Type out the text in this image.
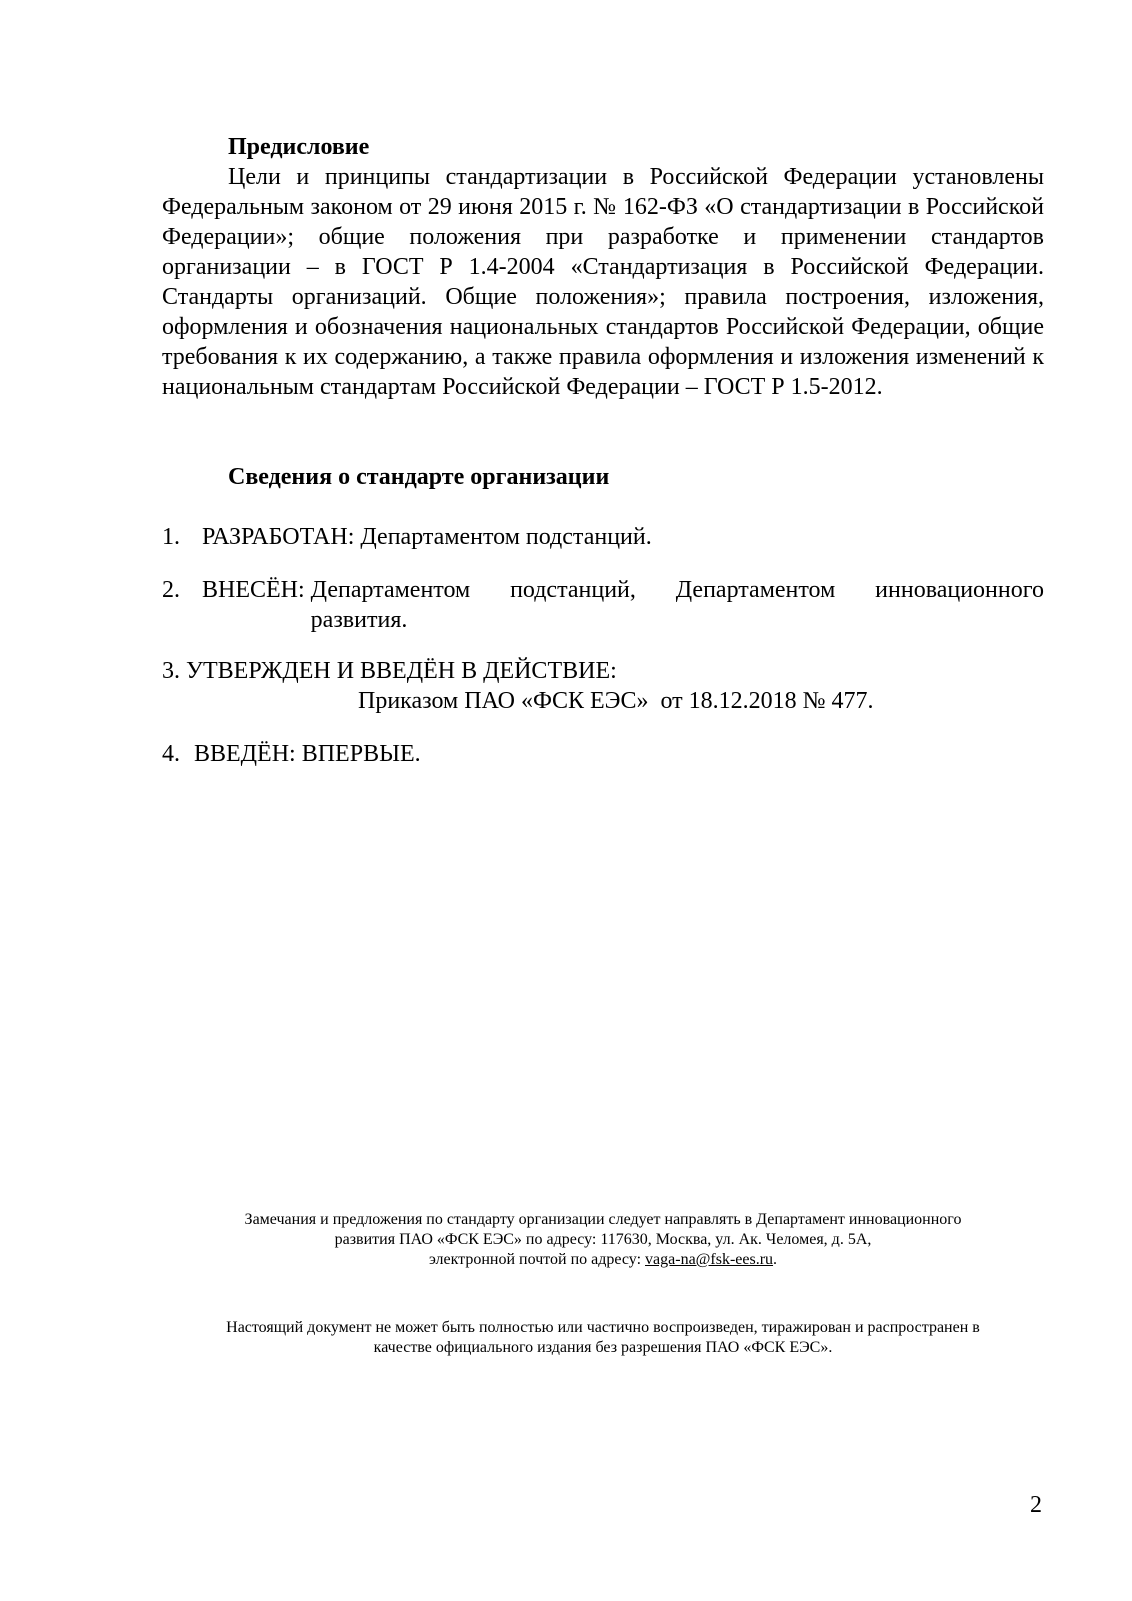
Предисловие
Цели и принципы стандартизации в Российской Федерации установлены Федеральным законом от 29 июня 2015 г. № 162-ФЗ «О стандартизации в Российской Федерации»; общие положения при разработке и применении стандартов организации – в ГОСТ Р 1.4-2004 «Стандартизация в Российской Федерации. Стандарты организаций. Общие положения»; правила построения, изложения, оформления и обозначения национальных стандартов Российской Федерации, общие требования к их содержанию, а также правила оформления и изложения изменений к национальным стандартам Российской Федерации – ГОСТ Р 1.5-2012.
Сведения о стандарте организации
1. РАЗРАБОТАН: Департаментом подстанций.
2. ВНЕСЁН: Департаментом подстанций, Департаментом инновационного развития.
3. УТВЕРЖДЕН И ВВЕДЁН В ДЕЙСТВИЕ:
Приказом ПАО «ФСК ЕЭС»  от 18.12.2018 № 477.
4. ВВЕДЁН: ВПЕРВЫЕ.
Замечания и предложения по стандарту организации следует направлять в Департамент инновационного
развития ПАО «ФСК ЕЭС» по адресу: 117630, Москва, ул. Ак. Челомея, д. 5А,
электронной почтой по адресу: vaga-na@fsk-ees.ru.
Настоящий документ не может быть полностью или частично воспроизведен, тиражирован и распространен в
качестве официального издания без разрешения ПАО «ФСК ЕЭС».
2
